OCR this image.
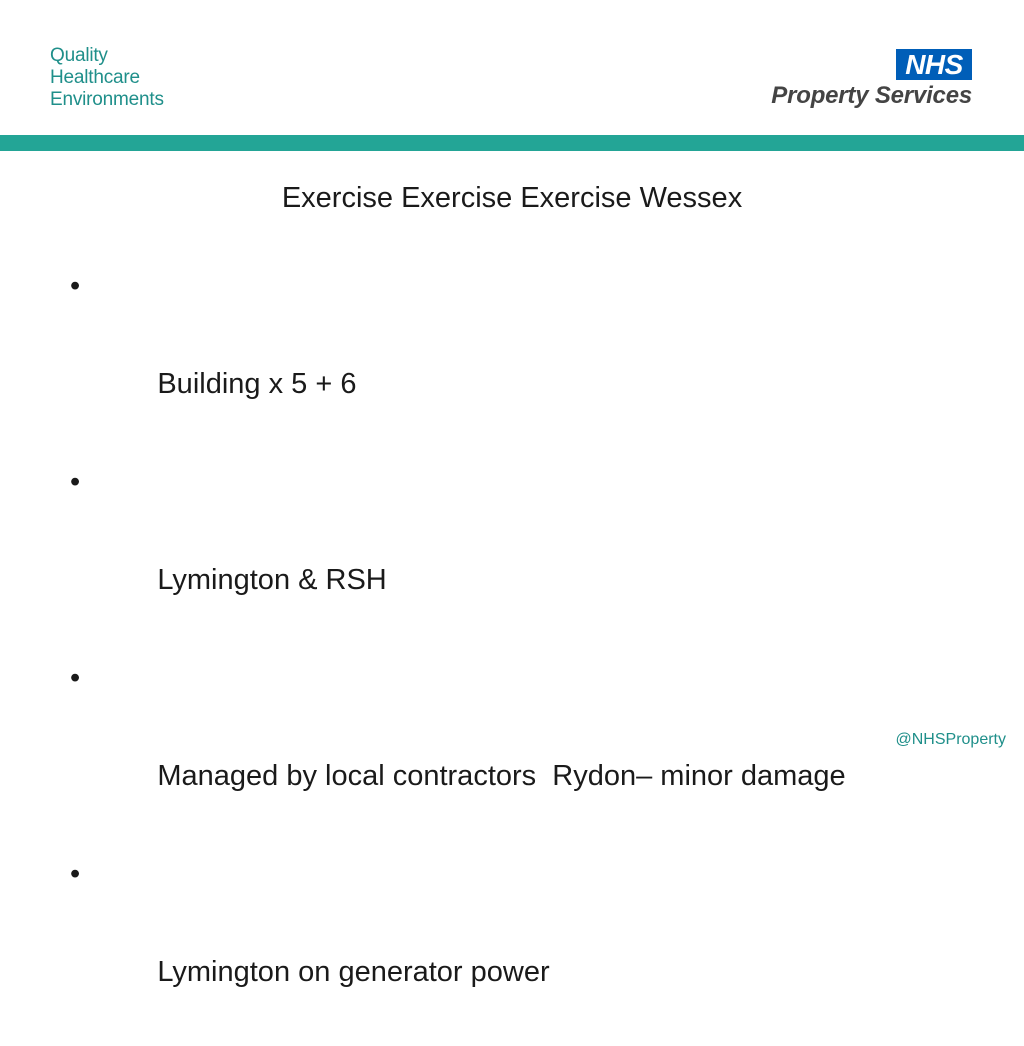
Quality
Healthcare
Environments
NHS
Property Services
Exercise Exercise Exercise Wessex

•

Building x 5 + 6

•

Lymington & RSH

•

Managed by local contractors  Rydon– minor damage

•

Lymington on generator power

@NHSProperty
